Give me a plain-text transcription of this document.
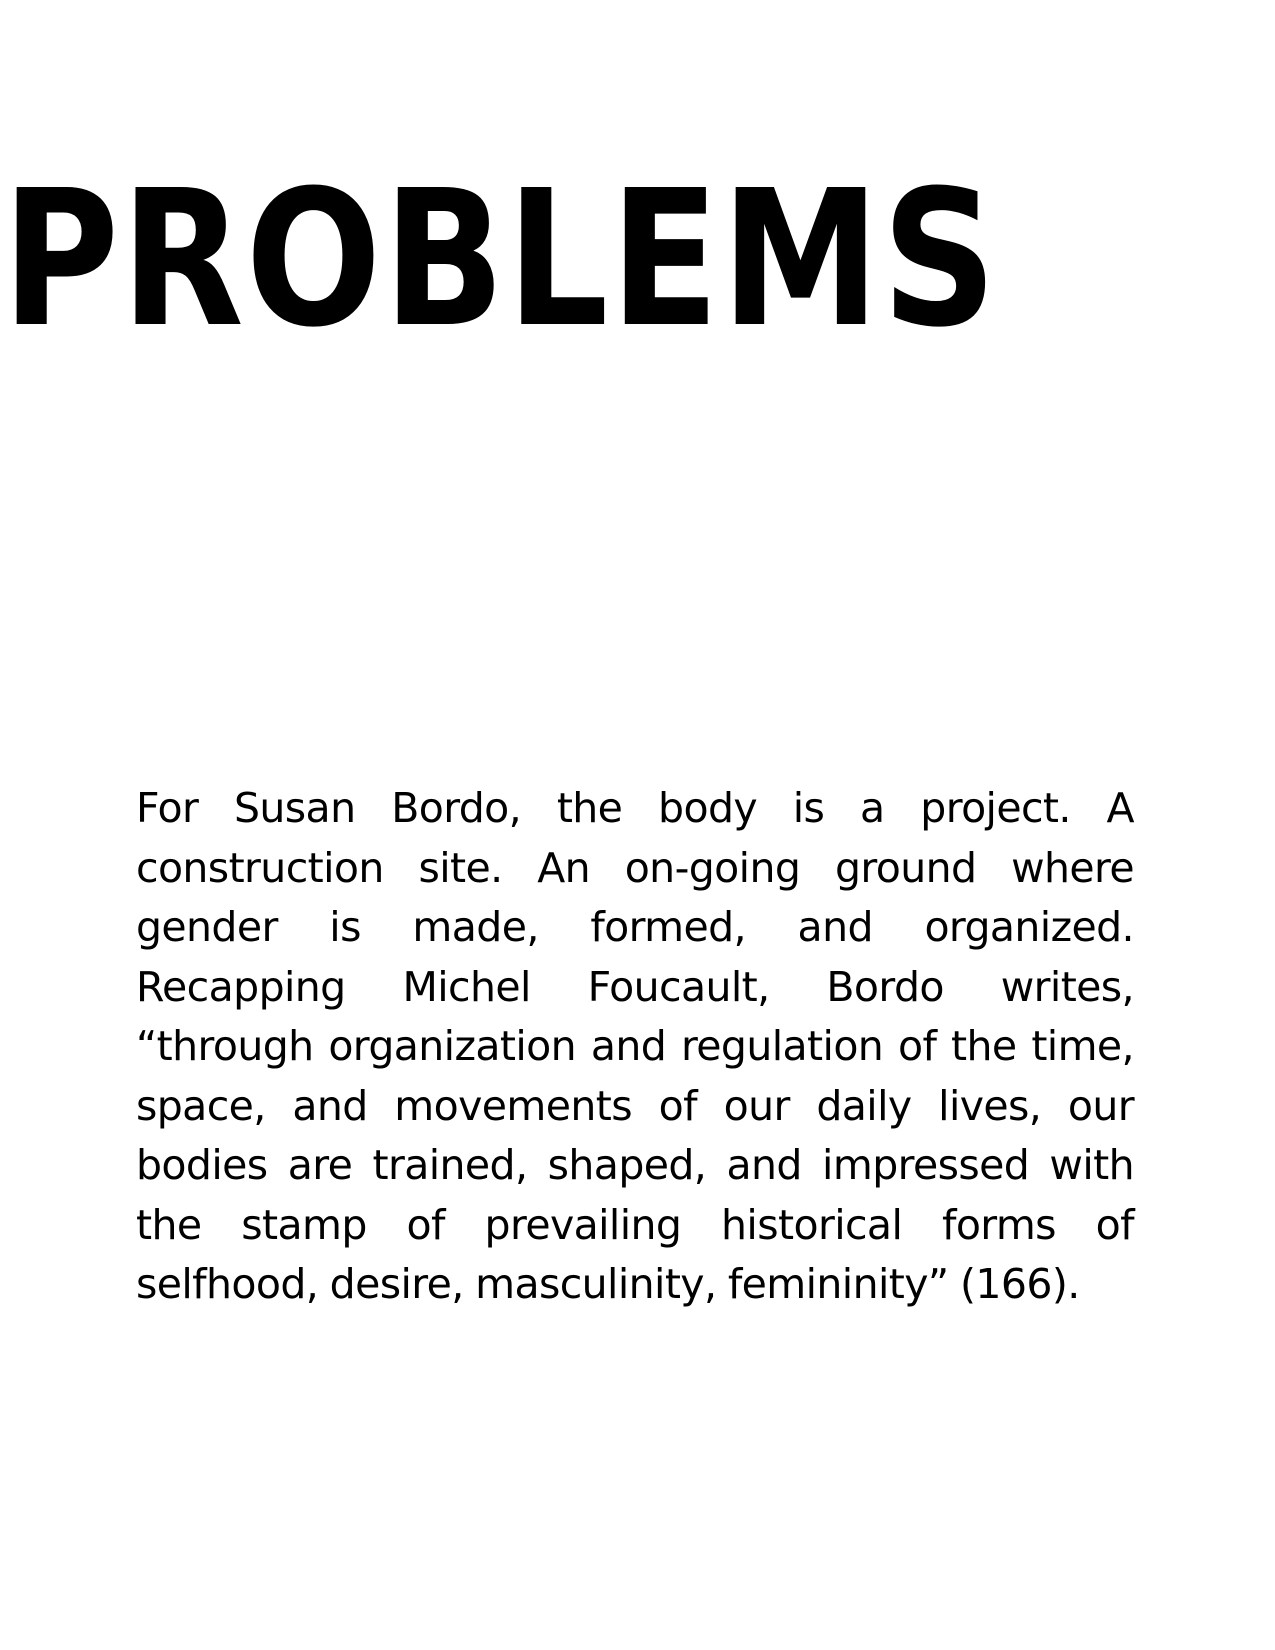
PROBLEMS

For Susan Bordo, the body is a project. A construction site. An on-going ground where gender is made, formed, and organized. Recapping Michel Foucault, Bordo writes, “through organization and regulation of the time, space, and movements of our daily lives, our bodies are trained, shaped, and impressed with the stamp of prevailing historical forms of selfhood, desire, masculinity, femininity” (166).
